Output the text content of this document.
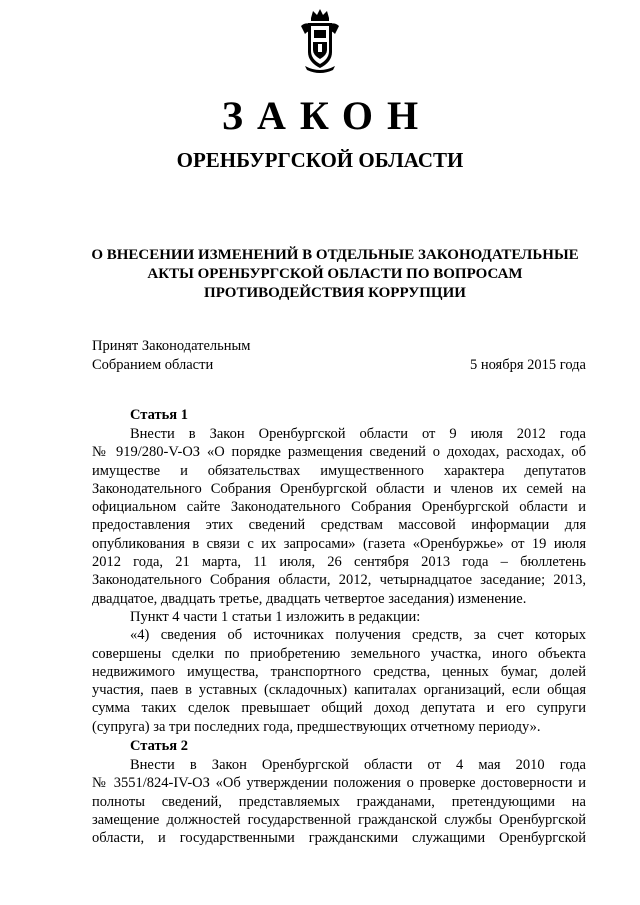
ЗАКОН
ОРЕНБУРГСКОЙ ОБЛАСТИ
О ВНЕСЕНИИ ИЗМЕНЕНИЙ В ОТДЕЛЬНЫЕ ЗАКОНОДАТЕЛЬНЫЕ
АКТЫ ОРЕНБУРГСКОЙ ОБЛАСТИ ПО ВОПРОСАМ
ПРОТИВОДЕЙСТВИЯ КОРРУПЦИИ
Принят Законодательным
Собранием области	5 ноября 2015 года
Статья 1
Внести в Закон Оренбургской области от 9 июля 2012 года
№ 919/280-V-ОЗ «О порядке размещения сведений о доходах, расходах, об
имуществе и обязательствах имущественного характера депутатов
Законодательного Собрания Оренбургской области и членов их семей на
официальном сайте Законодательного Собрания Оренбургской области и
предоставления этих сведений средствам массовой информации для
опубликования в связи с их запросами» (газета «Оренбуржье» от 19 июля
2012 года, 21 марта, 11 июля, 26 сентября 2013 года – бюллетень
Законодательного Собрания области, 2012, четырнадцатое заседание; 2013,
двадцатое, двадцать третье, двадцать четвертое заседания) изменение.
Пункт 4 части 1 статьи 1 изложить в редакции:
«4) сведения об источниках получения средств, за счет которых
совершены сделки по приобретению земельного участка, иного объекта
недвижимого имущества, транспортного средства, ценных бумаг, долей
участия, паев в уставных (складочных) капиталах организаций, если общая
сумма таких сделок превышает общий доход депутата и его супруги
(супруга) за три последних года, предшествующих отчетному периоду».
Статья 2
Внести в Закон Оренбургской области от 4 мая 2010 года
№ 3551/824-IV-ОЗ «Об утверждении положения о проверке достоверности и
полноты сведений, представляемых гражданами, претендующими на
замещение должностей государственной гражданской службы Оренбургской
области, и государственными гражданскими служащими Оренбургской
